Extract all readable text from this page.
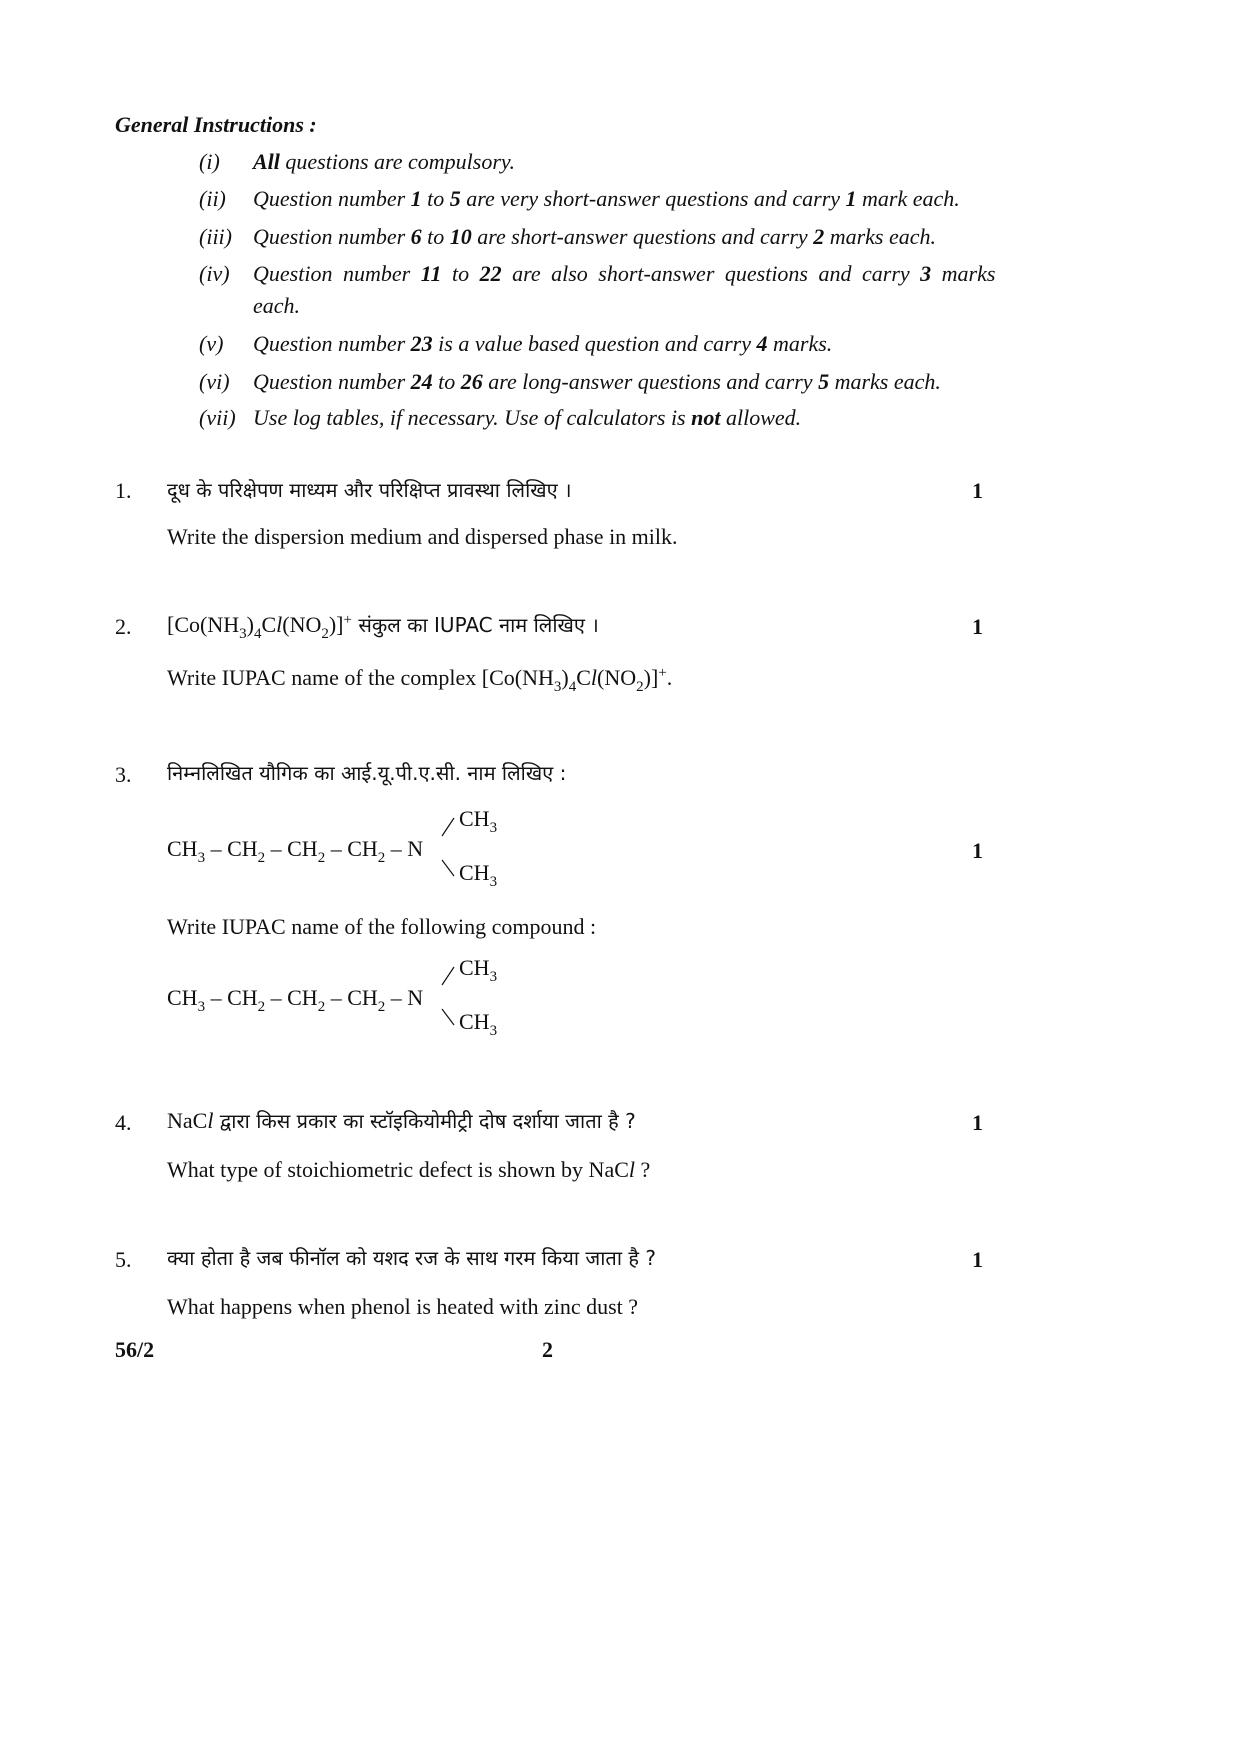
General Instructions :
(i) All questions are compulsory.
(ii) Question number 1 to 5 are very short-answer questions and carry 1 mark each.
(iii) Question number 6 to 10 are short-answer questions and carry 2 marks each.
(iv) Question number 11 to 22 are also short-answer questions and carry 3 marks
each.
(v) Question number 23 is a value based question and carry 4 marks.
(vi) Question number 24 to 26 are long-answer questions and carry 5 marks each.
(vii) Use log tables, if necessary. Use of calculators is not allowed.
1. दूध के परिक्षेपण माध्यम और परिक्षिप्त प्रावस्था लिखिए ।	1
Write the dispersion medium and dispersed phase in milk.
2. $[Co(NH_3)_4Cl(NO_2)]^+$ संकुल का IUPAC नाम लिखिए ।	1
Write IUPAC name of the complex $[Co(NH_3)_4Cl(NO_2)]^+$.
3. निम्नलिखित यौगिक का आई.यू.पी.ए.सी. नाम लिखिए :
1
$CH_3 - CH_2 - CH_2 - CH_2$ – N
$CH_3$
$CH_3$
Write IUPAC name of the following compound :
$CH_3 - CH_2 - CH_2 - CH_2$ – N
$CH_3$
$CH_3$
4. NaCl द्वारा किस प्रकार का स्टॉइकियोमीट्री दोष दर्शाया जाता है ?	1
What type of stoichiometric defect is shown by NaCl ?
5. क्या होता है जब फीनॉल को यशद रज के साथ गरम किया जाता है ?	1
What happens when phenol is heated with zinc dust ?
56/2	2
